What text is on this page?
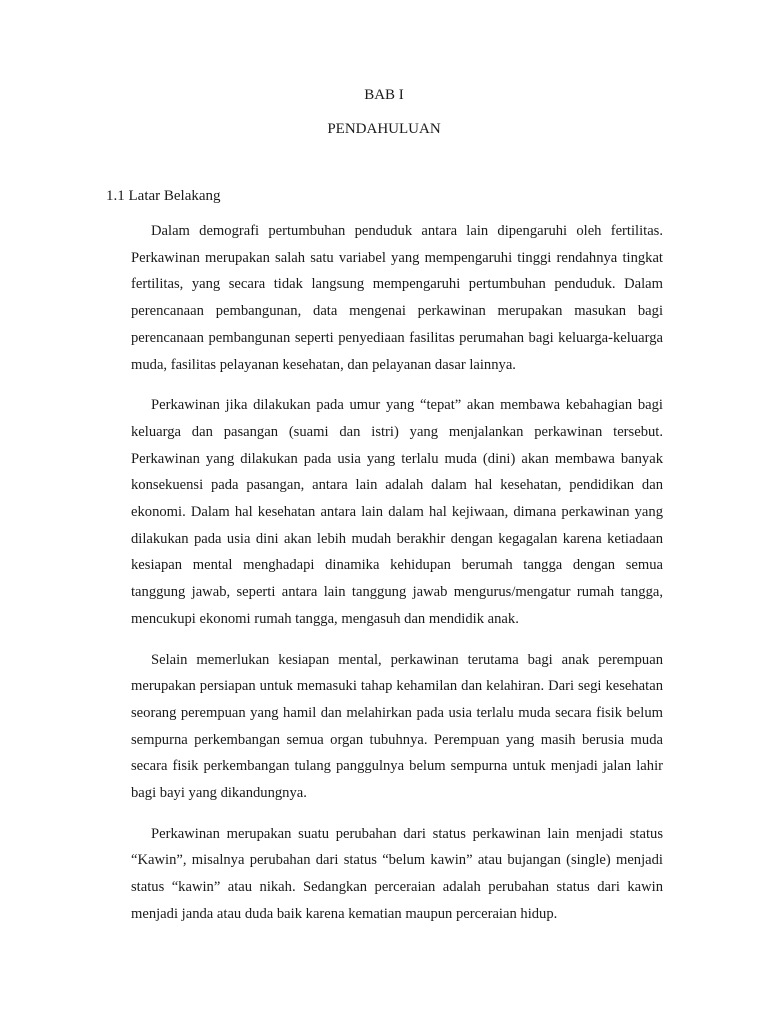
BAB I
PENDAHULUAN
1.1 Latar Belakang

Dalam demografi pertumbuhan penduduk antara lain dipengaruhi oleh fertilitas. Perkawinan merupakan salah satu variabel yang mempengaruhi tinggi rendahnya tingkat fertilitas, yang secara tidak langsung mempengaruhi pertumbuhan penduduk. Dalam perencanaan pembangunan, data mengenai perkawinan merupakan masukan bagi perencanaan pembangunan seperti penyediaan fasilitas perumahan bagi keluarga-keluarga muda, fasilitas pelayanan kesehatan, dan pelayanan dasar lainnya.

Perkawinan jika dilakukan pada umur yang “tepat” akan membawa kebahagian bagi keluarga dan pasangan (suami dan istri) yang menjalankan perkawinan tersebut. Perkawinan yang dilakukan pada usia yang terlalu muda (dini) akan membawa banyak konsekuensi pada pasangan, antara lain adalah dalam hal kesehatan, pendidikan dan ekonomi. Dalam hal kesehatan antara lain dalam hal kejiwaan, dimana perkawinan yang dilakukan pada usia dini akan lebih mudah berakhir dengan kegagalan karena ketiadaan kesiapan mental menghadapi dinamika kehidupan berumah tangga dengan semua tanggung jawab, seperti antara lain tanggung jawab mengurus/mengatur rumah tangga, mencukupi ekonomi rumah tangga, mengasuh dan mendidik anak.

Selain memerlukan kesiapan mental, perkawinan terutama bagi anak perempuan merupakan persiapan untuk memasuki tahap kehamilan dan kelahiran. Dari segi kesehatan seorang perempuan yang hamil dan melahirkan pada usia terlalu muda secara fisik belum sempurna perkembangan semua organ tubuhnya. Perempuan yang masih berusia muda secara fisik perkembangan tulang panggulnya belum sempurna untuk menjadi jalan lahir bagi bayi yang dikandungnya.

Perkawinan merupakan suatu perubahan dari status perkawinan lain menjadi status “Kawin”, misalnya perubahan dari status “belum kawin” atau bujangan (single) menjadi status “kawin” atau nikah. Sedangkan perceraian adalah perubahan status dari kawin menjadi janda atau duda baik karena kematian maupun perceraian hidup.
